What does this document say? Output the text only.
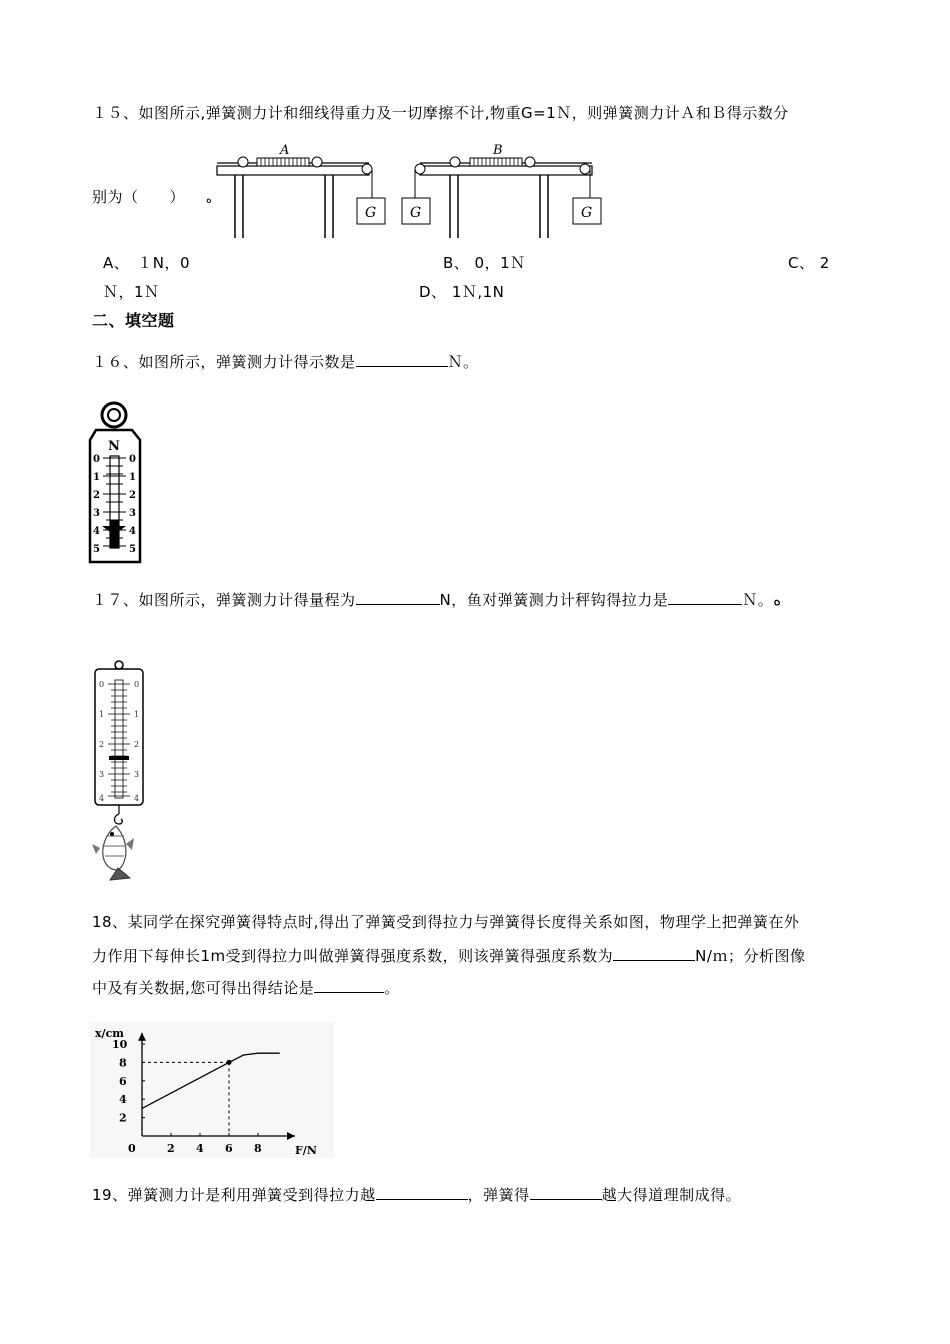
１５、如图所示,弹簧测力计和细线得重力及一切摩擦不计,物重G=1Ｎ，则弹簧测力计Ａ和Ｂ得示数分
A
G
B
G	G
别为（　　） ه
A、　１N，0	B、 0，1Ｎ	C、 2
Ｎ，1Ｎ	D、 1Ｎ,1N
二、填空题
１６、如图所示，弹簧测力计得示数是	Ｎ。
N
0
1
2
3
4
5
0
1
2
3
4
5
１７、如图所示，弹簧测力计得量程为	N，鱼对弹簧测力计秤钩得拉力是	Ｎ。ه
0
1
2
3
4
0
1
2
3
4
18、某同学在探究弹簧得特点时,得出了弹簧受到得拉力与弹簧得长度得关系如图，物理学上把弹簧在外
力作用下每伸长1m受到得拉力叫做弹簧得强度系数，则该弹簧得强度系数为	N/ｍ；分析图像
中及有关数据,您可得出得结论是	。
x/cm
F/N
0	2 4 6 8
2
4
6
8
10
19、弹簧测力计是利用弹簧受到得拉力越	，弹簧得	越大得道理制成得。
